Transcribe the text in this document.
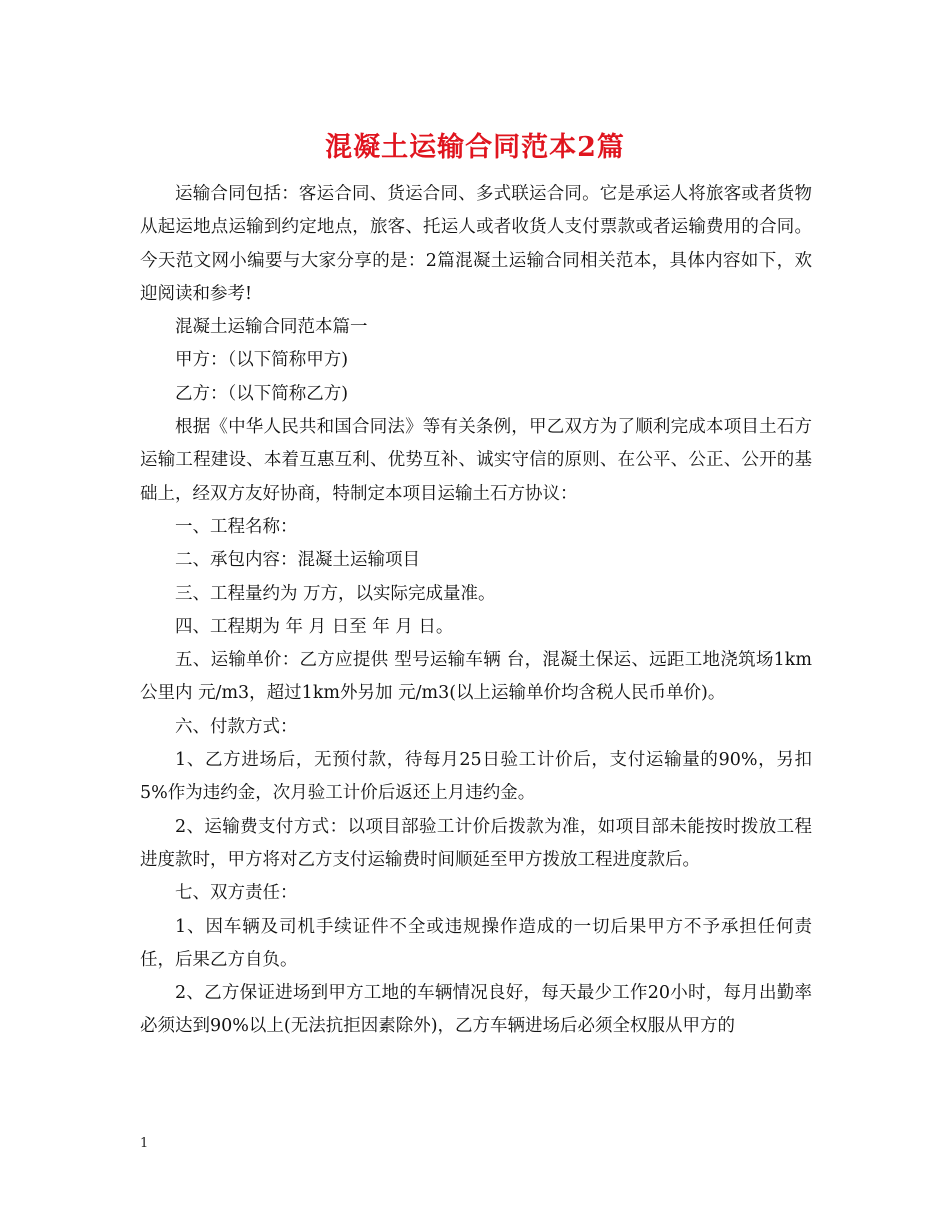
混凝土运输合同范本2篇

运输合同包括：客运合同、货运合同、多式联运合同。它是承运人将旅客或者货物从起运地点运输到约定地点，旅客、托运人或者收货人支付票款或者运输费用的合同。今天范文网小编要与大家分享的是：2篇混凝土运输合同相关范本，具体内容如下，欢迎阅读和参考!

混凝土运输合同范本篇一

甲方：（以下简称甲方)

乙方：（以下简称乙方)

根据《中华人民共和国合同法》等有关条例，甲乙双方为了顺利完成本项目土石方运输工程建设、本着互惠互利、优势互补、诚实守信的原则、在公平、公正、公开的基础上，经双方友好协商，特制定本项目运输土石方协议：

一、工程名称：

二、承包内容：混凝土运输项目

三、工程量约为 万方，以实际完成量准。

四、工程期为 年 月 日至 年 月 日。

五、运输单价：乙方应提供 型号运输车辆 台，混凝土保运、远距工地浇筑场1km公里内 元/m3，超过1km外另加 元/m3(以上运输单价均含税人民币单价)。

六、付款方式：

1、乙方进场后，无预付款，待每月25日验工计价后，支付运输量的90%，另扣5%作为违约金，次月验工计价后返还上月违约金。

2、运输费支付方式：以项目部验工计价后拨款为准，如项目部未能按时拨放工程进度款时，甲方将对乙方支付运输费时间顺延至甲方拨放工程进度款后。

七、双方责任：

1、因车辆及司机手续证件不全或违规操作造成的一切后果甲方不予承担任何责任，后果乙方自负。

2、乙方保证进场到甲方工地的车辆情况良好，每天最少工作20小时，每月出勤率必须达到90%以上(无法抗拒因素除外)，乙方车辆进场后必须全权服从甲方的

1
